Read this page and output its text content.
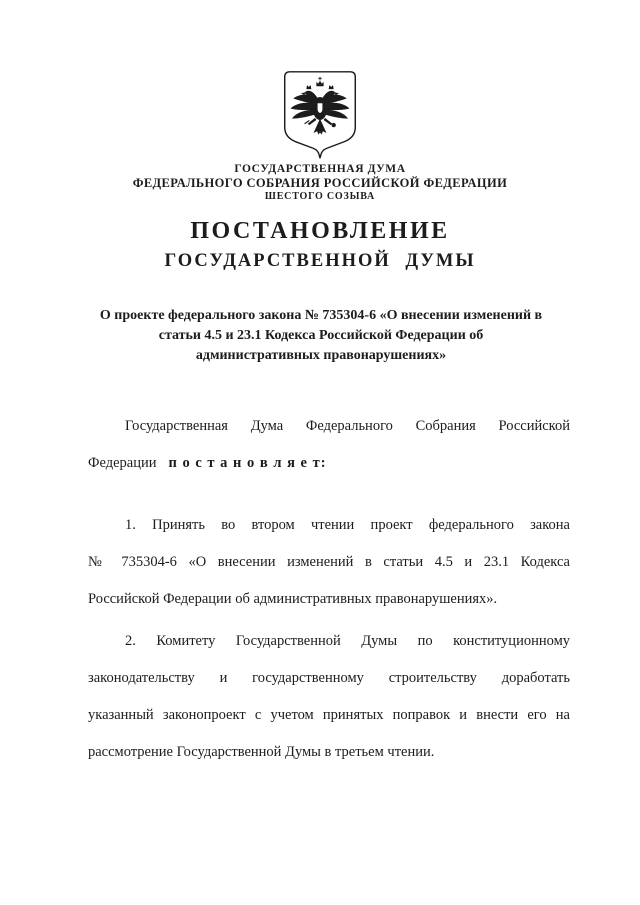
ГОСУДАРСТВЕННАЯ ДУМА
ФЕДЕРАЛЬНОГО СОБРАНИЯ РОССИЙСКОЙ ФЕДЕРАЦИИ
ШЕСТОГО СОЗЫВА
ПОСТАНОВЛЕНИЕ
ГОСУДАРСТВЕННОЙ ДУМЫ
О проекте федерального закона № 735304-6 «О внесении изменений в
статьи 4.5 и 23.1 Кодекса Российской Федерации об
административных правонарушениях»
Государственная Дума Федерального Собрания Российской
Федерации п о с т а н о в л я е т:
1. Принять во втором чтении проект федерального закона
№ 735304-6 «О внесении изменений в статьи 4.5 и 23.1 Кодекса
Российской Федерации об административных правонарушениях».
2. Комитету Государственной Думы по конституционному
законодательству и государственному строительству доработать
указанный законопроект с учетом принятых поправок и внести его на
рассмотрение Государственной Думы в третьем чтении.
